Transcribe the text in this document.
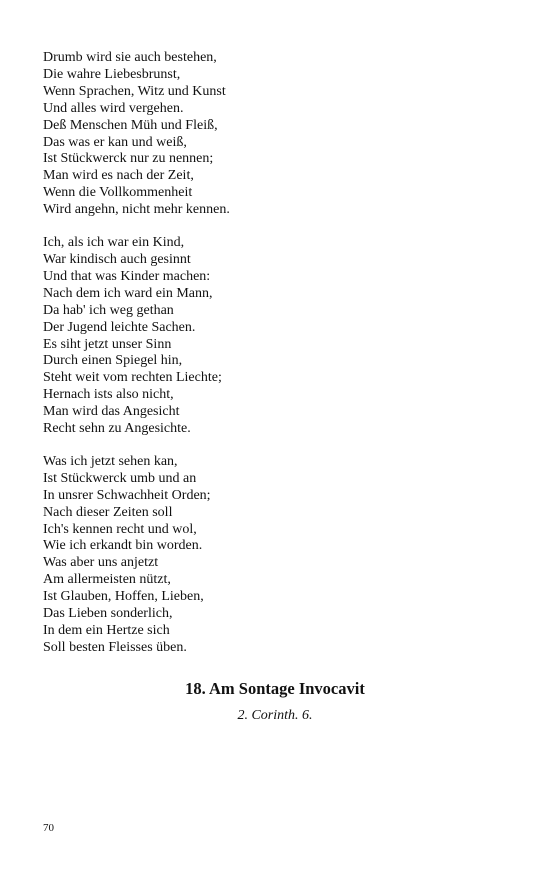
Drumb wird sie auch bestehen,
Die wahre Liebesbrunst,
Wenn Sprachen, Witz und Kunst
Und alles wird vergehen.
Deß Menschen Müh und Fleiß,
Das was er kan und weiß,
Ist Stückwerck nur zu nennen;
Man wird es nach der Zeit,
Wenn die Vollkommenheit
Wird angehn, nicht mehr kennen.
Ich, als ich war ein Kind,
War kindisch auch gesinnt
Und that was Kinder machen:
Nach dem ich ward ein Mann,
Da hab' ich weg gethan
Der Jugend leichte Sachen.
Es siht jetzt unser Sinn
Durch einen Spiegel hin,
Steht weit vom rechten Liechte;
Hernach ists also nicht,
Man wird das Angesicht
Recht sehn zu Angesichte.
Was ich jetzt sehen kan,
Ist Stückwerck umb und an
In unsrer Schwachheit Orden;
Nach dieser Zeiten soll
Ich's kennen recht und wol,
Wie ich erkandt bin worden.
Was aber uns anjetzt
Am allermeisten nützt,
Ist Glauben, Hoffen, Lieben,
Das Lieben sonderlich,
In dem ein Hertze sich
Soll besten Fleisses üben.
18. Am Sontage Invocavit
2. Corinth. 6.
70
